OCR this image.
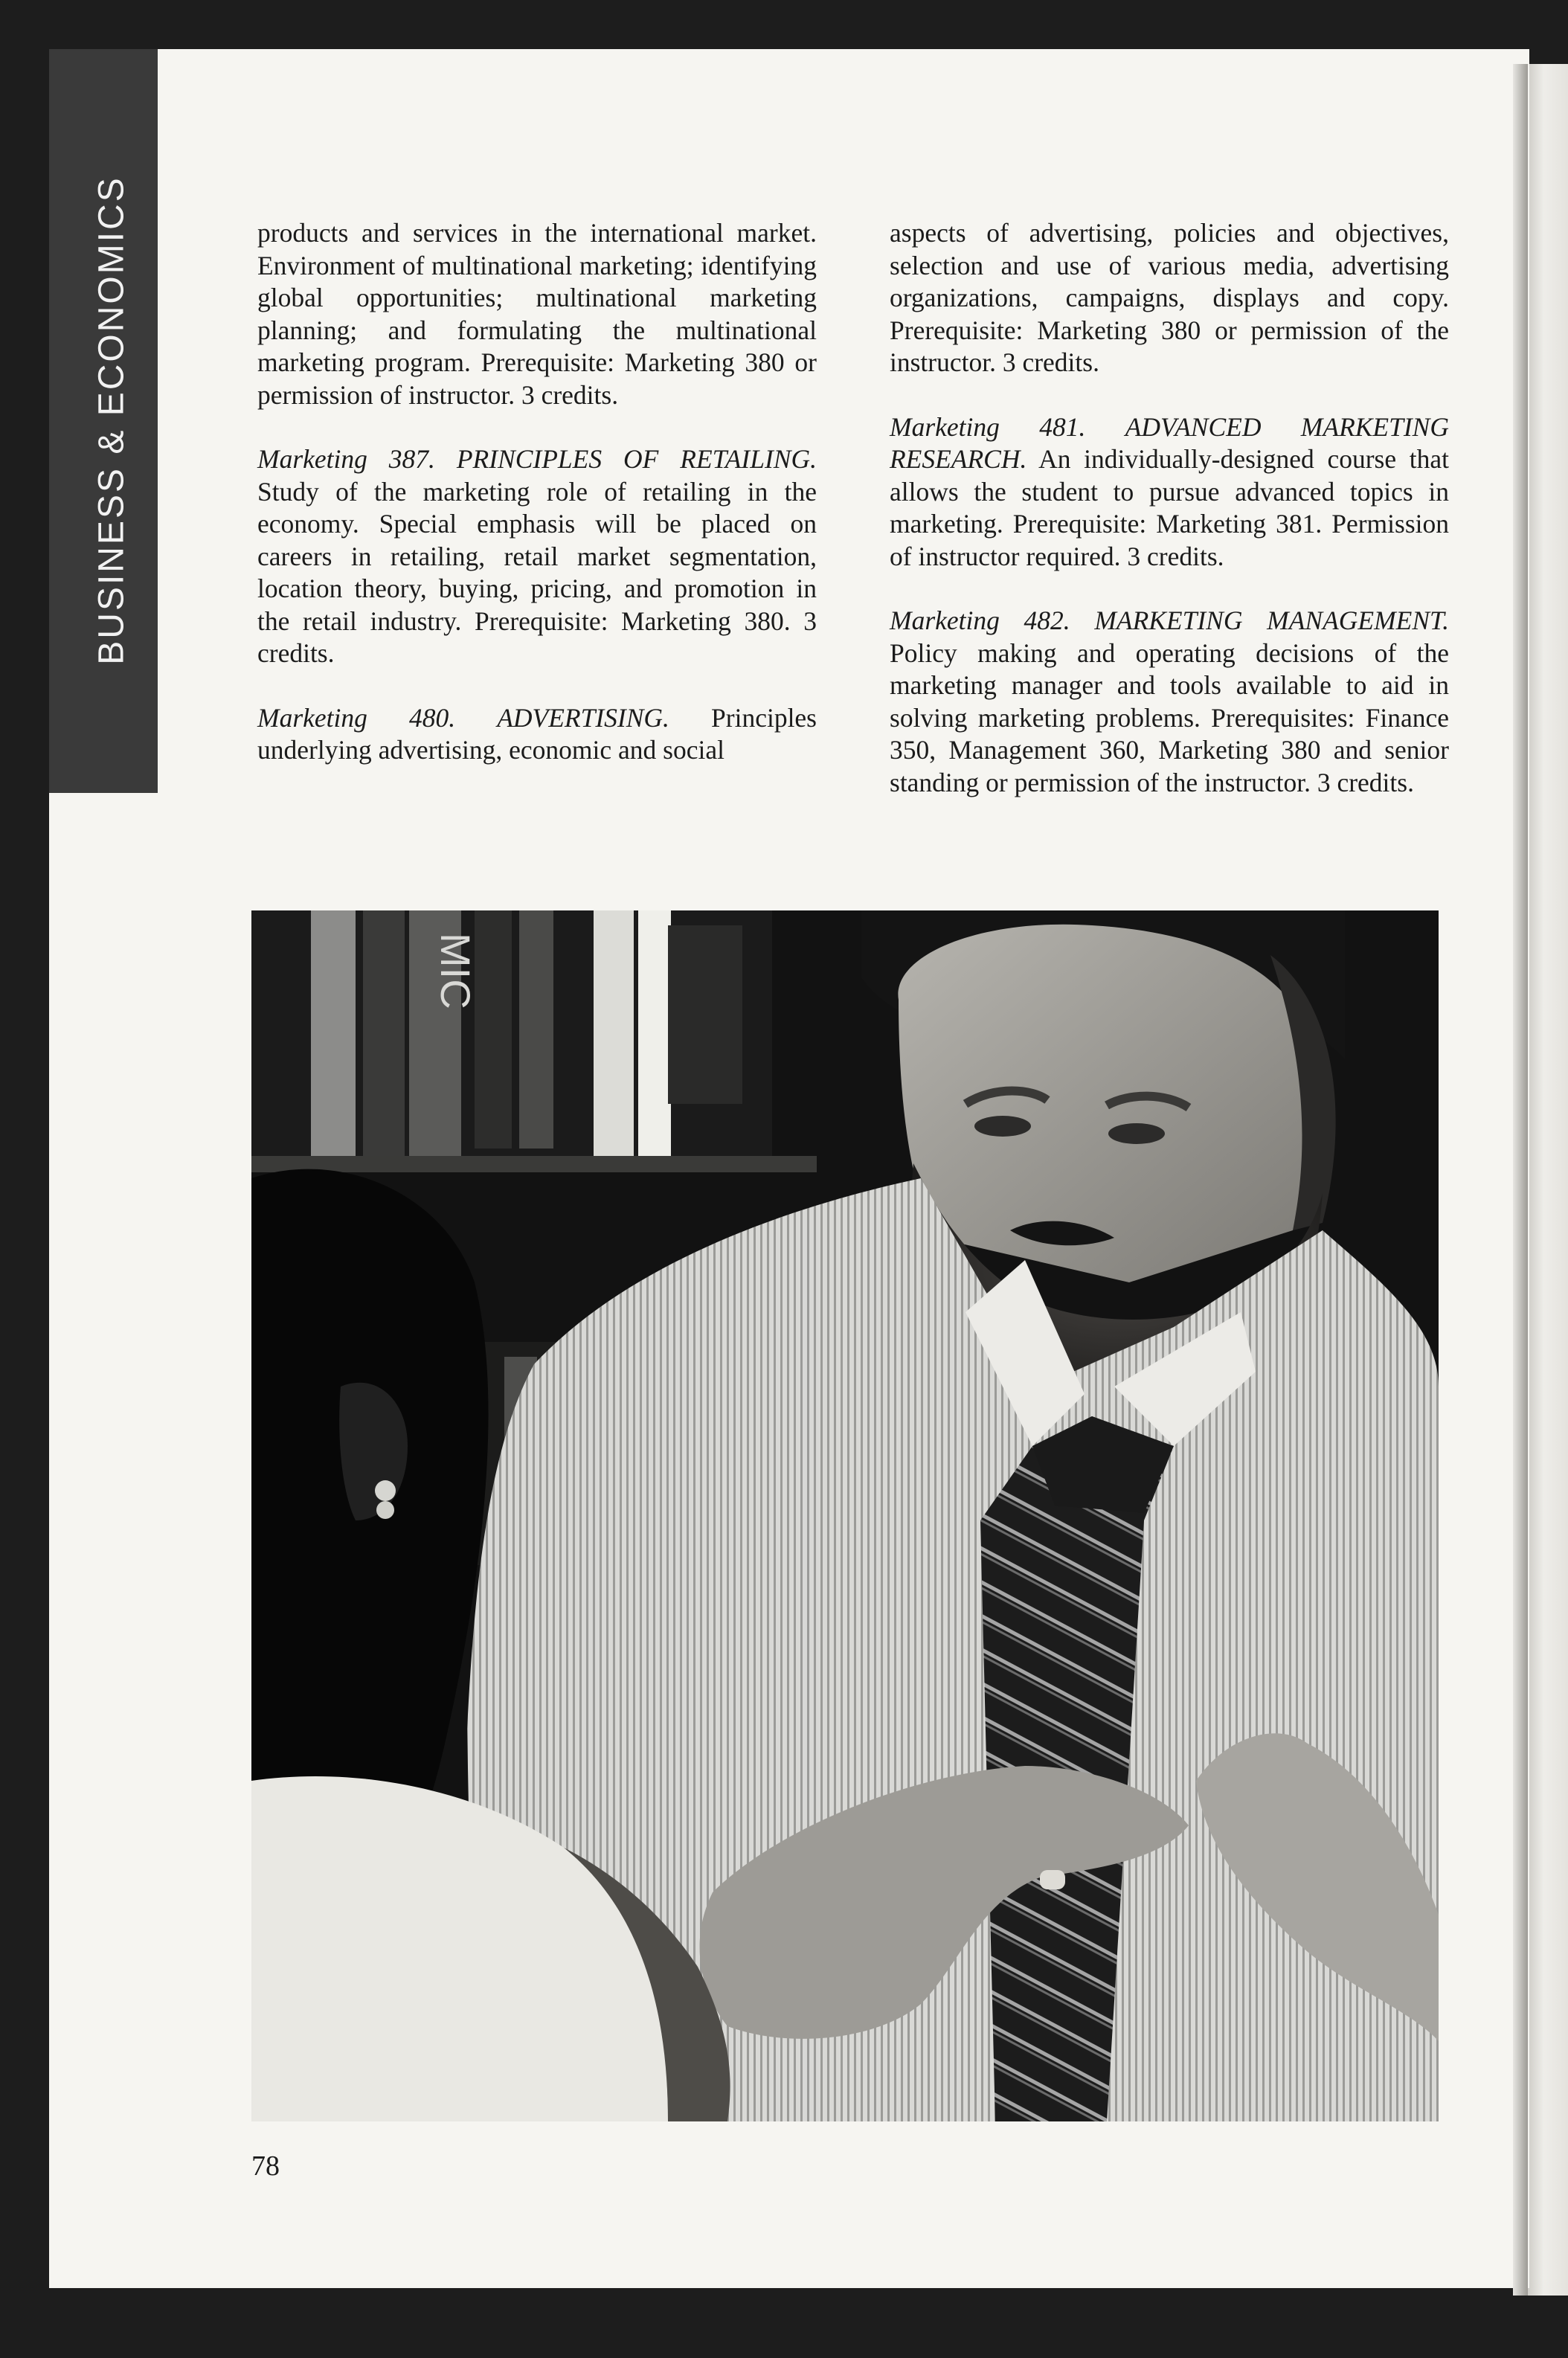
BUSINESS & ECONOMICS	products and services in the international market. Environment of multinational marketing; identifying global opportunities; multinational marketing planning; and formulating the multinational marketing program. Prerequisite: Marketing 380 or permission of instructor. 3 credits.

Marketing 387. PRINCIPLES OF RETAILING. Study of the marketing role of retailing in the economy. Special emphasis will be placed on careers in retailing, retail market segmentation, location theory, buying, pricing, and promotion in the retail industry. Prerequisite: Marketing 380. 3 credits.

Marketing 480. ADVERTISING. Principles underlying advertising, economic and social

aspects of advertising, policies and objectives, selection and use of various media, advertising organizations, campaigns, displays and copy. Prerequisite: Marketing 380 or permission of the instructor. 3 credits.

Marketing 481. ADVANCED MARKETING RESEARCH. An individually-designed course that allows the student to pursue advanced topics in marketing. Prerequisite: Marketing 381. Permission of instructor required. 3 credits.

Marketing 482. MARKETING MANAGEMENT. Policy making and operating decisions of the marketing manager and tools available to aid in solving marketing problems. Prerequisites: Finance 350, Management 360, Marketing 380 and senior standing or permission of the instructor. 3 credits.

MIC
78
